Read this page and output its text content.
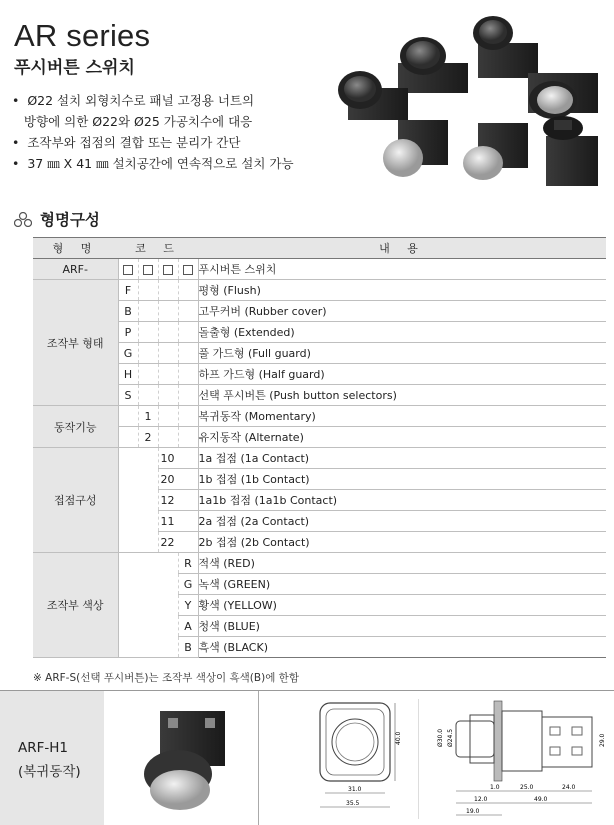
AR series
푸시버튼 스위치
•  Ø22 설치 외형치수로 패널 고정용 너트의
방향에 의한 Ø22와 Ø25 가공치수에 대응
•  조작부와 접점의 결합 또는 분리가 간단
•  37 ㎜ X 41 ㎜ 설치공간에 연속적으로 설치 가능
형명구성
형 명	코 드				내 용
ARF-					푸시버튼 스위치
조작부 형태	F				평형 (Flush)
	B				고무커버 (Rubber cover)
	P				돌출형 (Extended)
	G				풀 가드형 (Full guard)
	H				하프 가드형 (Half guard)
	S				선택 푸시버튼 (Push button selectors)
동작기능		1			복귀동작 (Momentary)
		2			유지동작 (Alternate)
접점구성			10		1a 접점 (1a Contact)
			20		1b 접점 (1b Contact)
			12		1a1b 접점 (1a1b Contact)
			11		2a 접점 (2a Contact)
			22		2b 접점 (2b Contact)
조작부 색상				R	적색 (RED)
				G	녹색 (GREEN)
				Y	황색 (YELLOW)
				A	청색 (BLUE)
				B	흑색 (BLACK)
※ ARF-S(선택 푸시버튼)는 조작부 색상이 흑색(B)에 한함
ARF-H1
(복귀동작)
40.0
31.0
35.5
Ø30.0 Ø24.5	29.0
1.0	25.0	24.0
12.0	49.0
19.0
